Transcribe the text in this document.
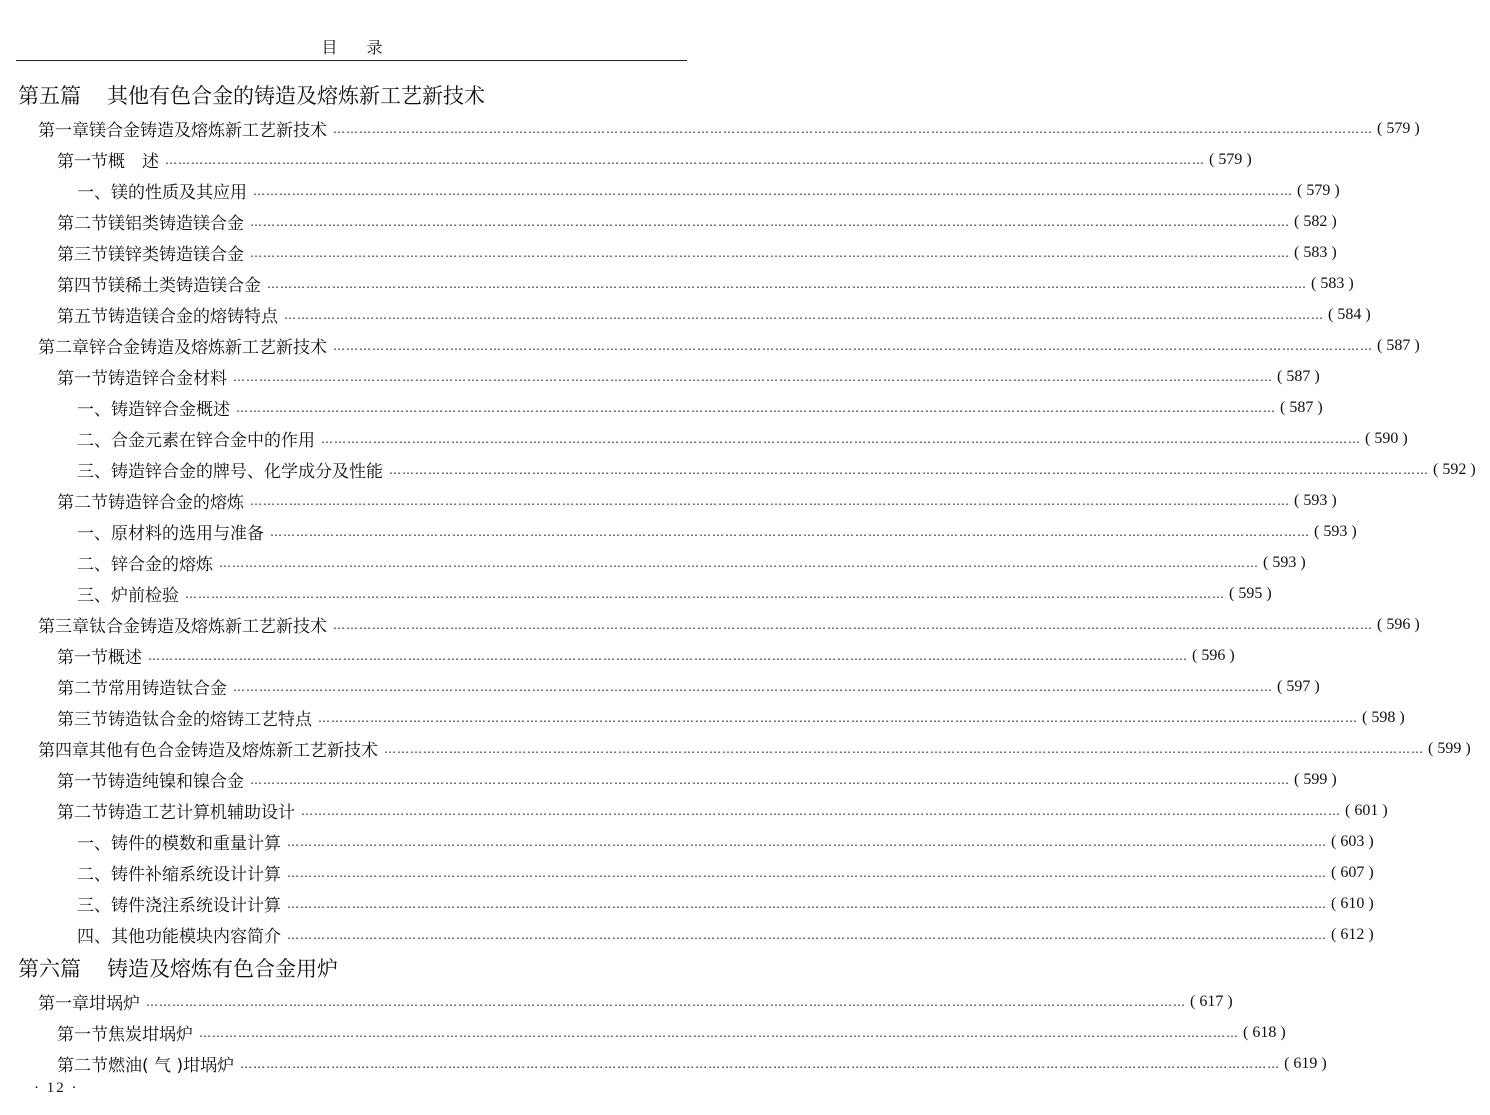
目 录
第五篇 其他有色合金的铸造及熔炼新工艺新技术
第一章 镁合金铸造及熔炼新工艺新技术 …………………………………………………………………………………………………………………………………………………………………………………………………………………… ( 579 )
第一节 概　述 …………………………………………………………………………………………………………………………………………………………………………………………………………………… ( 579 )
一、镁的性质及其应用 …………………………………………………………………………………………………………………………………………………………………………………………………………………… ( 579 )
第二节 镁铝类铸造镁合金 …………………………………………………………………………………………………………………………………………………………………………………………………………………… ( 582 )
第三节 镁锌类铸造镁合金 …………………………………………………………………………………………………………………………………………………………………………………………………………………… ( 583 )
第四节 镁稀土类铸造镁合金 …………………………………………………………………………………………………………………………………………………………………………………………………………………… ( 583 )
第五节 铸造镁合金的熔铸特点 …………………………………………………………………………………………………………………………………………………………………………………………………………………… ( 584 )
第二章 锌合金铸造及熔炼新工艺新技术 …………………………………………………………………………………………………………………………………………………………………………………………………………………… ( 587 )
第一节 铸造锌合金材料 …………………………………………………………………………………………………………………………………………………………………………………………………………………… ( 587 )
一、铸造锌合金概述 …………………………………………………………………………………………………………………………………………………………………………………………………………………… ( 587 )
二、合金元素在锌合金中的作用 …………………………………………………………………………………………………………………………………………………………………………………………………………………… ( 590 )
三、铸造锌合金的牌号、化学成分及性能 …………………………………………………………………………………………………………………………………………………………………………………………………………………… ( 592 )
第二节 铸造锌合金的熔炼 …………………………………………………………………………………………………………………………………………………………………………………………………………………… ( 593 )
一、原材料的选用与准备 …………………………………………………………………………………………………………………………………………………………………………………………………………………… ( 593 )
二、锌合金的熔炼 …………………………………………………………………………………………………………………………………………………………………………………………………………………… ( 593 )
三、炉前检验 …………………………………………………………………………………………………………………………………………………………………………………………………………………… ( 595 )
第三章 钛合金铸造及熔炼新工艺新技术 …………………………………………………………………………………………………………………………………………………………………………………………………………………… ( 596 )
第一节 概述 …………………………………………………………………………………………………………………………………………………………………………………………………………………… ( 596 )
第二节 常用铸造钛合金 …………………………………………………………………………………………………………………………………………………………………………………………………………………… ( 597 )
第三节 铸造钛合金的熔铸工艺特点 …………………………………………………………………………………………………………………………………………………………………………………………………………………… ( 598 )
第四章 其他有色合金铸造及熔炼新工艺新技术 …………………………………………………………………………………………………………………………………………………………………………………………………………………… ( 599 )
第一节 铸造纯镍和镍合金 …………………………………………………………………………………………………………………………………………………………………………………………………………………… ( 599 )
第二节 铸造工艺计算机辅助设计 …………………………………………………………………………………………………………………………………………………………………………………………………………………… ( 601 )
一、铸件的模数和重量计算 …………………………………………………………………………………………………………………………………………………………………………………………………………………… ( 603 )
二、铸件补缩系统设计计算 …………………………………………………………………………………………………………………………………………………………………………………………………………………… ( 607 )
三、铸件浇注系统设计计算 …………………………………………………………………………………………………………………………………………………………………………………………………………………… ( 610 )
四、其他功能模块内容简介 …………………………………………………………………………………………………………………………………………………………………………………………………………………… ( 612 )
第六篇 铸造及熔炼有色合金用炉
第一章 坩埚炉 …………………………………………………………………………………………………………………………………………………………………………………………………………………… ( 617 )
第一节 焦炭坩埚炉 …………………………………………………………………………………………………………………………………………………………………………………………………………………… ( 618 )
第二节 燃油( 气 )坩埚炉 …………………………………………………………………………………………………………………………………………………………………………………………………………………… ( 619 )
· 12 ·
